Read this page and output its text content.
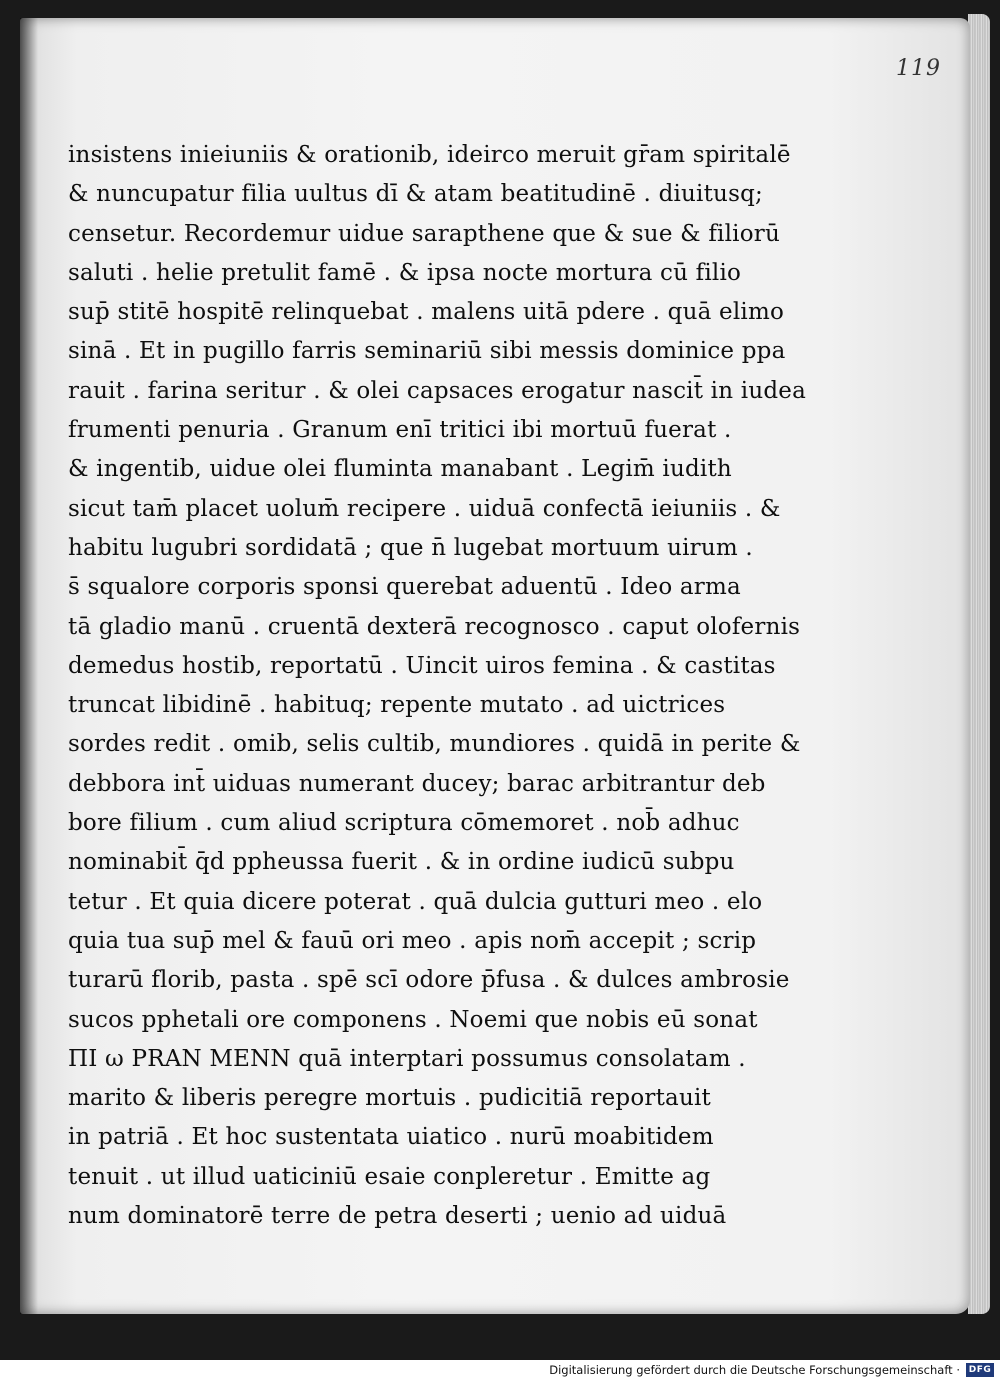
119
insistens inieiuniis & orationib, ideirco meruit gr̄am spiritalē
& nuncupatur filia uultus dī & atam beatitudinē . diuitusq;
censetur. Recordemur uidue sarapthene que & sue & filiorū
saluti . helie pretulit famē . & ipsa nocte mortura cū filio
sup̄ stitē hospitē relinquebat . malens uitā pdere . quā elimo
sinā . Et in pugillo farris seminariū sibi messis dominice ppa
rauit . farina seritur . & olei capsaces erogatur nascit̄ in iudea
frumenti penuria . Granum enī tritici ibi mortuū fuerat .
& ingentib, uidue olei fluminta manabant . Legim̄ iudith
sicut tam̄ placet uolum̄ recipere . uiduā confectā ieiuniis . &
habitu lugubri sordidatā ; que n̄ lugebat mortuum uirum .
s̄ squalore corporis sponsi querebat aduentū . Ideo arma
tā gladio manū . cruentā dexterā recognosco . caput olofernis
demedus hostib, reportatū . Uincit uiros femina . & castitas
truncat libidinē . habituq; repente mutato . ad uictrices
sordes redit . omib, selis cultib, mundiores . quidā in perite &
debbora int̄ uiduas numerant ducey; barac arbitrantur deb
bore filium . cum aliud scriptura cōmemoret . nob̄ adhuc
nominabit̄ q̄d ppheussa fuerit . & in ordine iudicū subpu
tetur . Et quia dicere poterat . quā dulcia gutturi meo . elo
quia tua sup̄ mel & fauū ori meo . apis nom̄ accepit ; scrip
turarū florib, pasta . spē scī odore p̄fusa . & dulces ambrosie
sucos pphetali ore componens . Noemi que nobis eū sonat
ΠΙ ω ΡRΑΝ ΜΕΝΝ quā interptari possumus consolatam .
marito & liberis peregre mortuis . pudicitiā reportauit
in patriā . Et hoc sustentata uiatico . nurū moabitidem
tenuit . ut illud uaticiniū esaie conpleretur . Emitte ag
num dominatorē terre de petra deserti ; uenio ad uiduā
Digitalisierung gefördert durch die Deutsche Forschungsgemeinschaft · DFG
